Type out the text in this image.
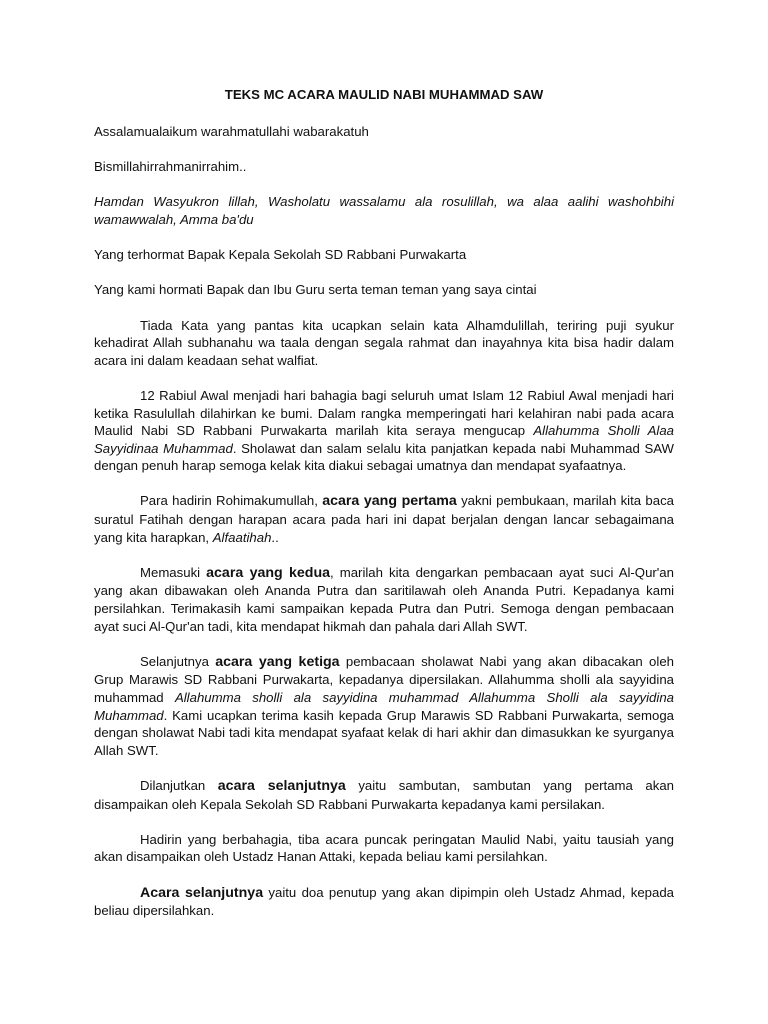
TEKS MC ACARA MAULID NABI MUHAMMAD SAW

Assalamualaikum warahmatullahi wabarakatuh

Bismillahirrahmanirrahim..

Hamdan Wasyukron lillah, Washolatu wassalamu ala rosulillah, wa alaa aalihi washohbihi wamawwalah, Amma ba'du

Yang terhormat Bapak Kepala Sekolah SD Rabbani Purwakarta

Yang kami hormati Bapak dan Ibu Guru serta teman teman yang saya cintai

Tiada Kata yang pantas kita ucapkan selain kata Alhamdulillah, teriring puji syukur kehadirat Allah subhanahu wa taala dengan segala rahmat dan inayahnya kita bisa hadir dalam acara ini dalam keadaan sehat walfiat.

12 Rabiul Awal menjadi hari bahagia bagi seluruh umat Islam 12 Rabiul Awal menjadi hari ketika Rasulullah dilahirkan ke bumi. Dalam rangka memperingati hari kelahiran nabi pada acara Maulid Nabi SD Rabbani Purwakarta marilah kita seraya mengucap Allahumma Sholli Alaa Sayyidinaa Muhammad. Sholawat dan salam selalu kita panjatkan kepada nabi Muhammad SAW dengan penuh harap semoga kelak kita diakui sebagai umatnya dan mendapat syafaatnya.

Para hadirin Rohimakumullah, acara yang pertama yakni pembukaan, marilah kita baca suratul Fatihah dengan harapan acara pada hari ini dapat berjalan dengan lancar sebagaimana yang kita harapkan, Alfaatihah..

Memasuki acara yang kedua, marilah kita dengarkan pembacaan ayat suci Al-Qur'an yang akan dibawakan oleh Ananda Putra dan saritilawah oleh Ananda Putri. Kepadanya kami persilahkan. Terimakasih kami sampaikan kepada Putra dan Putri. Semoga dengan pembacaan ayat suci Al-Qur'an tadi, kita mendapat hikmah dan pahala dari Allah SWT.

Selanjutnya acara yang ketiga pembacaan sholawat Nabi yang akan dibacakan oleh Grup Marawis SD Rabbani Purwakarta, kepadanya dipersilakan. Allahumma sholli ala sayyidina muhammad Allahumma sholli ala sayyidina muhammad Allahumma Sholli ala sayyidina Muhammad. Kami ucapkan terima kasih kepada Grup Marawis SD Rabbani Purwakarta, semoga dengan sholawat Nabi tadi kita mendapat syafaat kelak di hari akhir dan dimasukkan ke syurganya Allah SWT.

Dilanjutkan acara selanjutnya yaitu sambutan, sambutan yang pertama akan disampaikan oleh Kepala Sekolah SD Rabbani Purwakarta kepadanya kami persilakan.

Hadirin yang berbahagia, tiba acara puncak peringatan Maulid Nabi, yaitu tausiah yang akan disampaikan oleh Ustadz Hanan Attaki, kepada beliau kami persilahkan.

Acara selanjutnya yaitu doa penutup yang akan dipimpin oleh Ustadz Ahmad, kepada beliau dipersilahkan.
